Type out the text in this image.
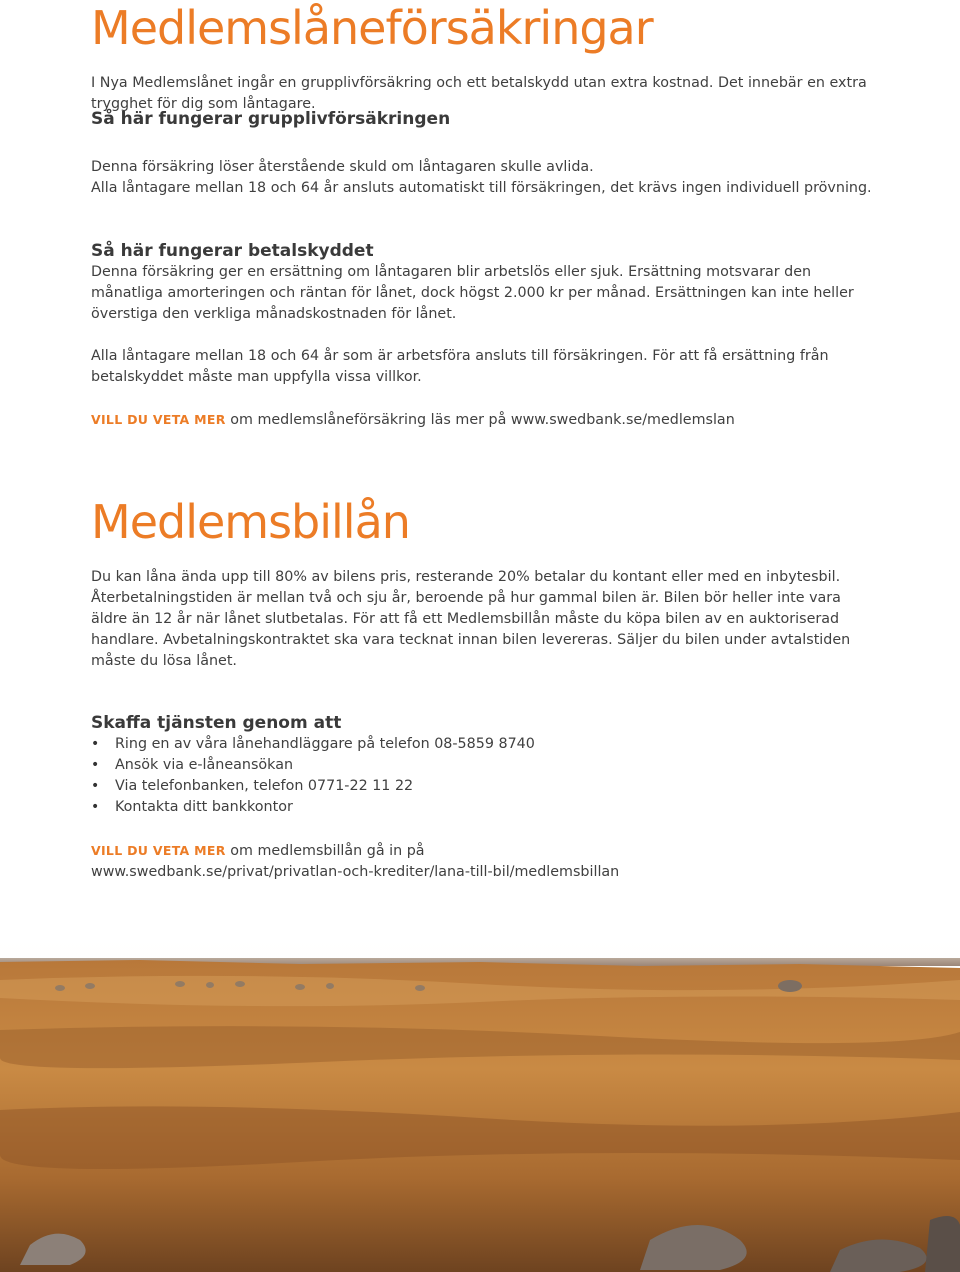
Medlemslåneförsäkringar
I Nya Medlemslånet ingår en grupplivförsäkring och ett betalskydd utan extra kostnad. Det innebär en extra trygghet för dig som låntagare.
Så här fungerar grupplivförsäkringen
Denna försäkring löser återstående skuld om låntagaren skulle avlida.
Alla låntagare mellan 18 och 64 år ansluts automatiskt till försäkringen, det krävs ingen individuell prövning.
Så här fungerar betalskyddet
Denna försäkring ger en ersättning om låntagaren blir arbetslös eller sjuk. Ersättning motsvarar den månatliga amorteringen och räntan för lånet, dock högst 2.000 kr per månad. Ersättningen kan inte heller överstiga den verkliga månadskostnaden för lånet.
Alla låntagare mellan 18 och 64 år som är arbetsföra ansluts till försäkringen. För att få ersättning från betalskyddet måste man uppfylla vissa villkor.
VILL DU VETA MER om medlemslåneförsäkring läs mer på www.swedbank.se/medlemslan
Medlemsbillån
Du kan låna ända upp till 80% av bilens pris, resterande 20% betalar du kontant eller med en inbytesbil. Återbetalningstiden är mellan två och sju år, beroende på hur gammal bilen är. Bilen bör heller inte vara äldre än 12 år när lånet slutbetalas. För att få ett Medlemsbillån måste du köpa bilen av en auktoriserad handlare. Avbetalningskontraktet ska vara tecknat innan bilen levereras. Säljer du bilen under avtalstiden måste du lösa lånet.
Skaffa tjänsten genom att
• Ring en av våra lånehandläggare på telefon 08-5859 8740
• Ansök via e-låneansökan
• Via telefonbanken, telefon 0771-22 11 22
• Kontakta ditt bankkontor
VILL DU VETA MER om medlemsbillån gå in på
www.swedbank.se/privat/privatlan-och-krediter/lana-till-bil/medlemsbillan
